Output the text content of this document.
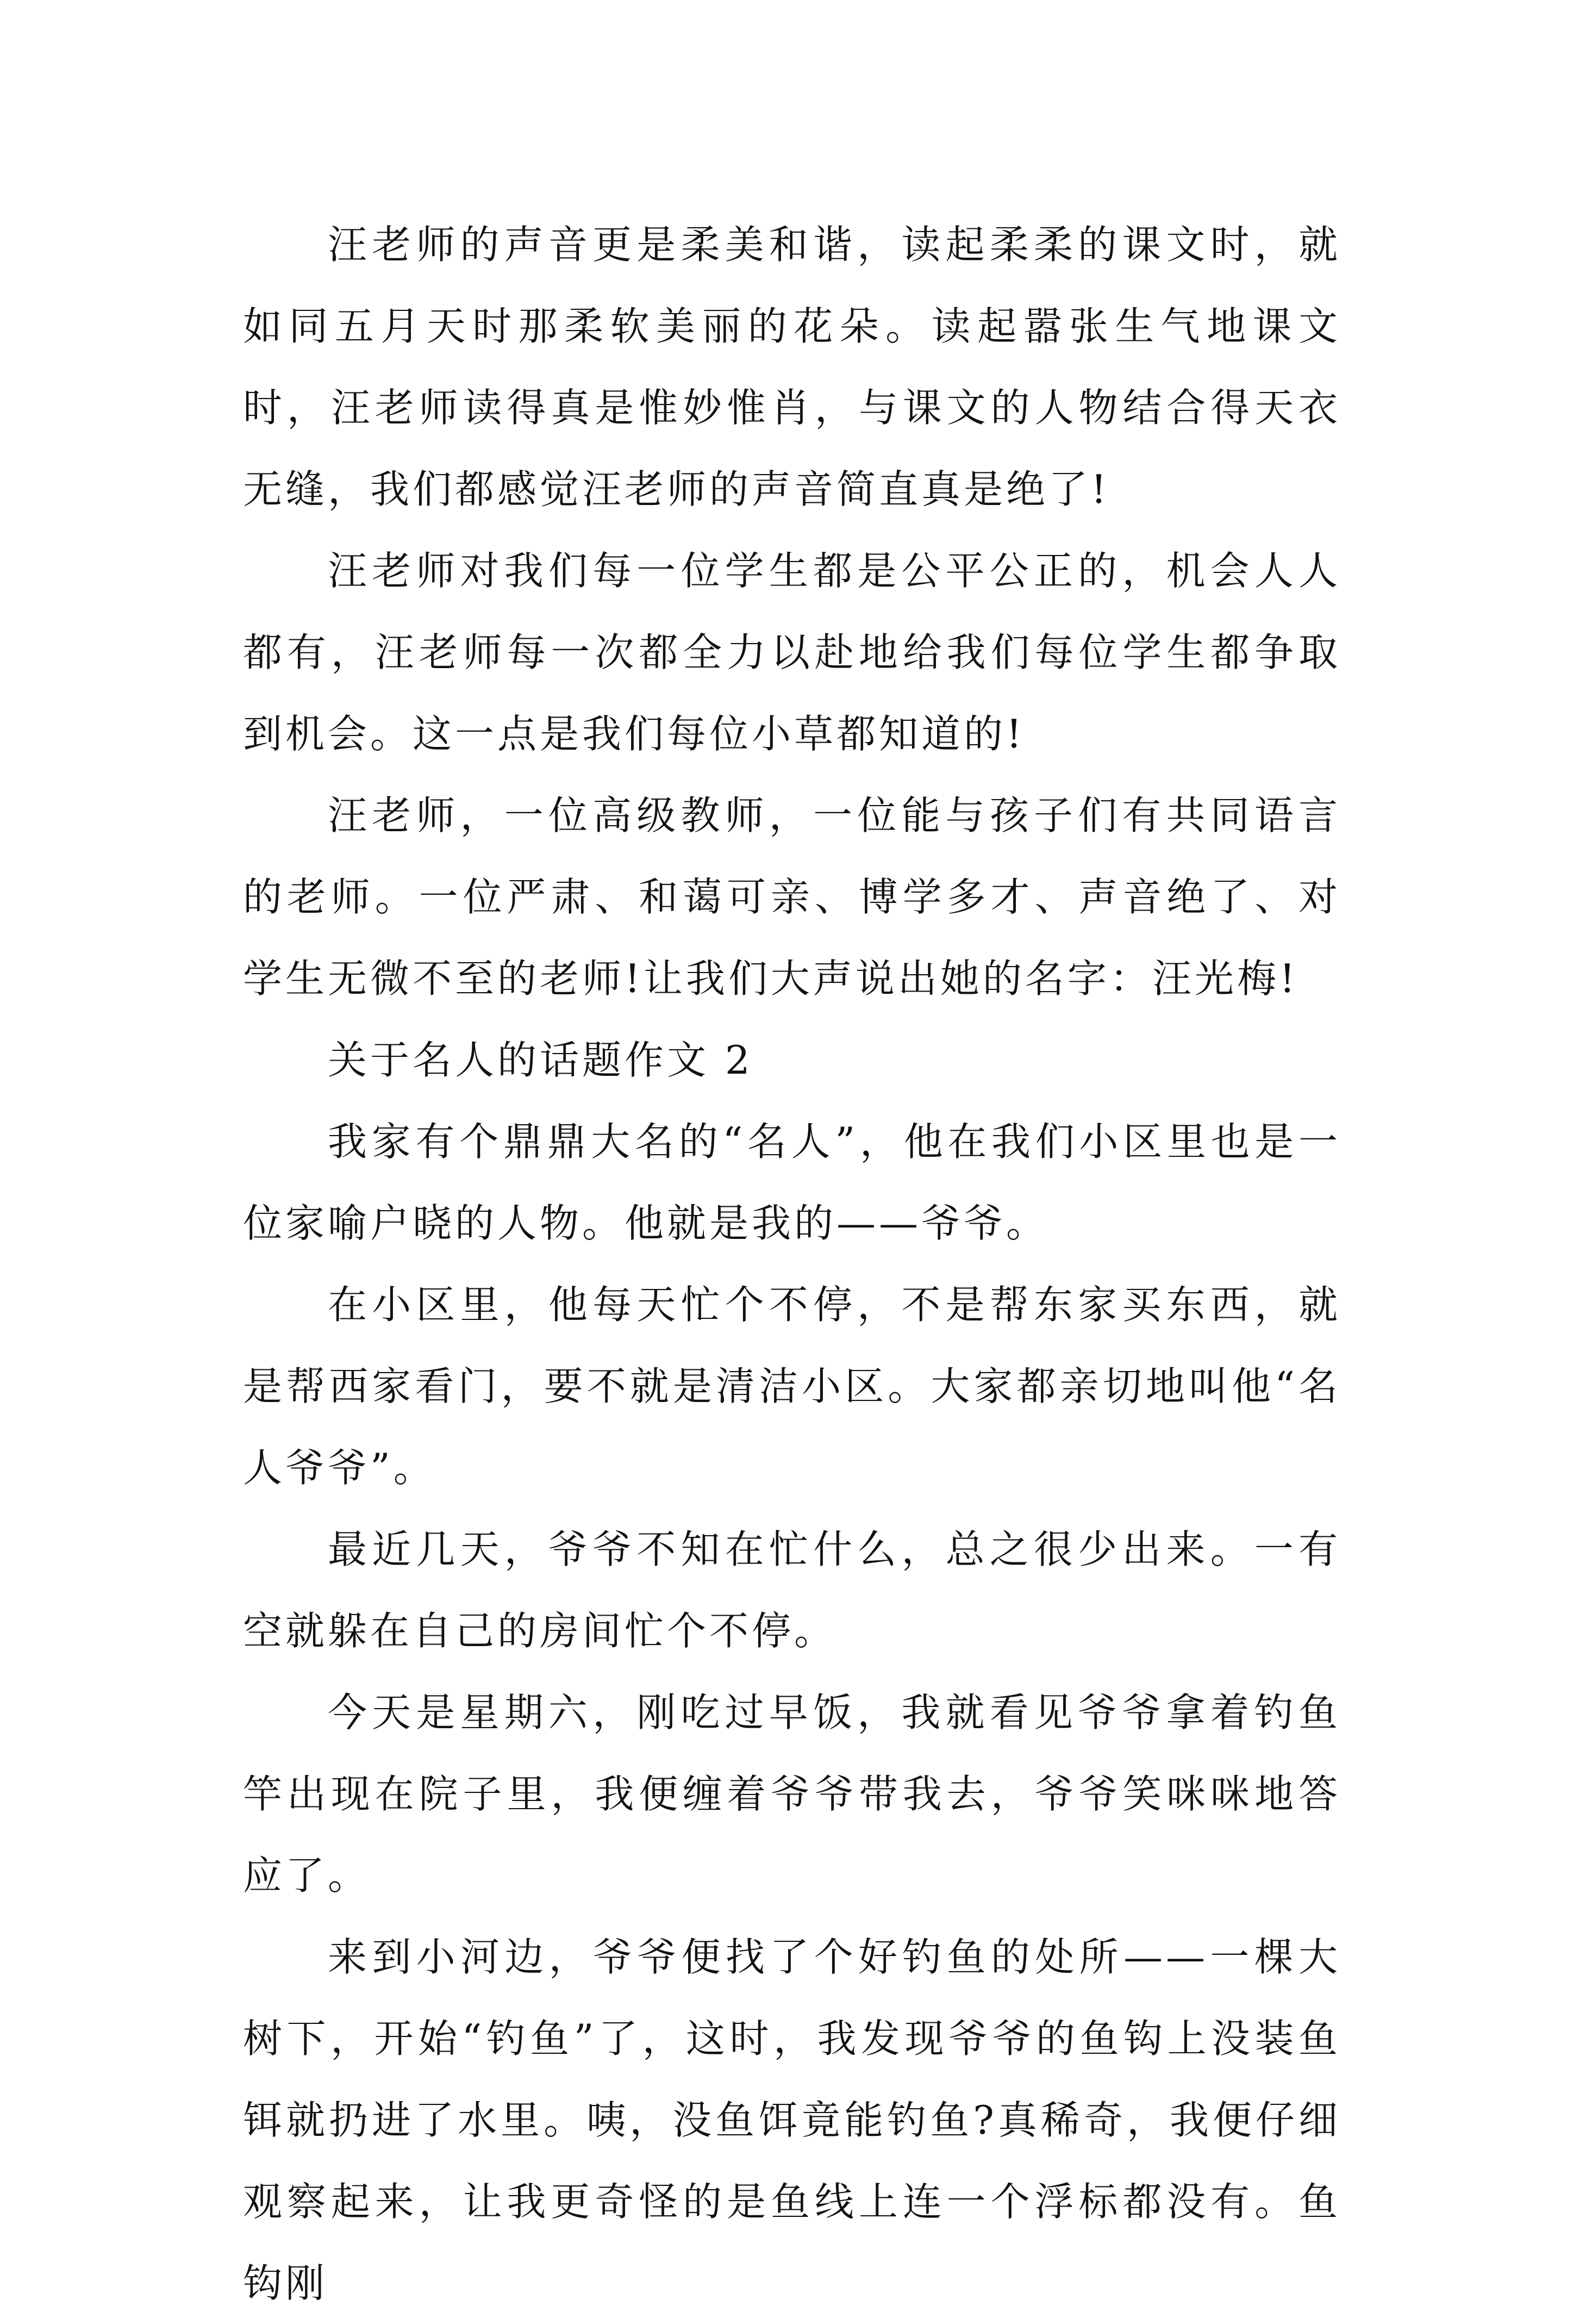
汪老师的声音更是柔美和谐，读起柔柔的课文时，就如同五月天时那柔软美丽的花朵。读起嚣张生气地课文时，汪老师读得真是惟妙惟肖，与课文的人物结合得天衣无缝，我们都感觉汪老师的声音简直真是绝了!

汪老师对我们每一位学生都是公平公正的，机会人人都有，汪老师每一次都全力以赴地给我们每位学生都争取到机会。这一点是我们每位小草都知道的!

汪老师，一位高级教师，一位能与孩子们有共同语言的老师。一位严肃、和蔼可亲、博学多才、声音绝了、对学生无微不至的老师!让我们大声说出她的名字：汪光梅!

关于名人的话题作文 2

我家有个鼎鼎大名的“名人”，他在我们小区里也是一位家喻户晓的人物。他就是我的——爷爷。

在小区里，他每天忙个不停，不是帮东家买东西，就是帮西家看门，要不就是清洁小区。大家都亲切地叫他“名人爷爷”。

最近几天，爷爷不知在忙什么，总之很少出来。一有空就躲在自己的房间忙个不停。

今天是星期六，刚吃过早饭，我就看见爷爷拿着钓鱼竿出现在院子里，我便缠着爷爷带我去，爷爷笑咪咪地答应了。

来到小河边，爷爷便找了个好钓鱼的处所——一棵大树下，开始“钓鱼”了，这时，我发现爷爷的鱼钩上没装鱼铒就扔进了水里。咦，没鱼饵竟能钓鱼?真稀奇，我便仔细观察起来，让我更奇怪的是鱼线上连一个浮标都没有。鱼钩刚
